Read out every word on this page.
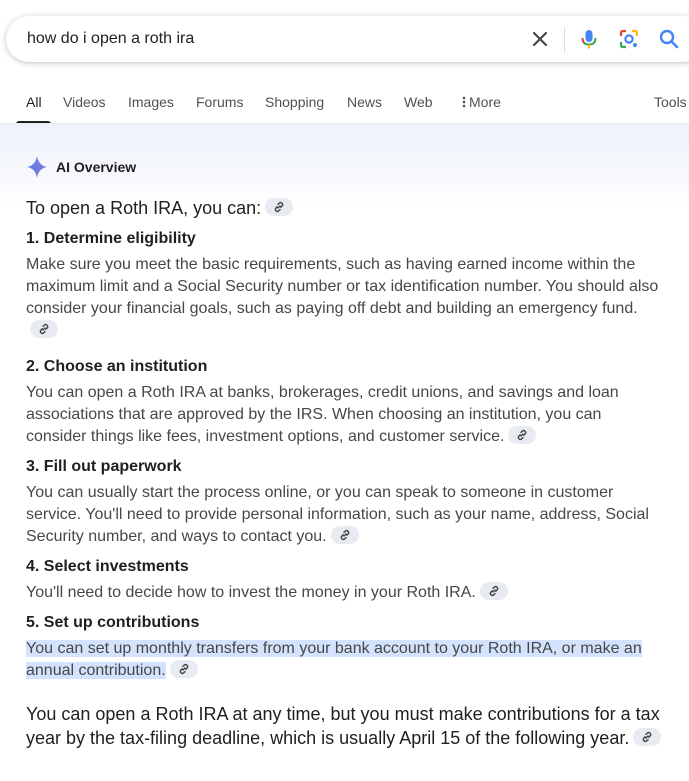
how do i open a roth ira
All Videos Images Forums Shopping News Web	More	Tools
AI Overview

To open a Roth IRA, you can:

1. Determine eligibility

Make sure you meet the basic requirements, such as having earned income within the maximum limit and a Social Security number or tax identification number. You should also consider your financial goals, such as paying off debt and building an emergency fund.

2. Choose an institution

You can open a Roth IRA at banks, brokerages, credit unions, and savings and loan associations that are approved by the IRS. When choosing an institution, you can consider things like fees, investment options, and customer service.

3. Fill out paperwork

You can usually start the process online, or you can speak to someone in customer service. You'll need to provide personal information, such as your name, address, Social Security number, and ways to contact you.

4. Select investments

You'll need to decide how to invest the money in your Roth IRA.

5. Set up contributions

You can set up monthly transfers from your bank account to your Roth IRA, or make an annual contribution.

You can open a Roth IRA at any time, but you must make contributions for a tax year by the tax-filing deadline, which is usually April 15 of the following year.
